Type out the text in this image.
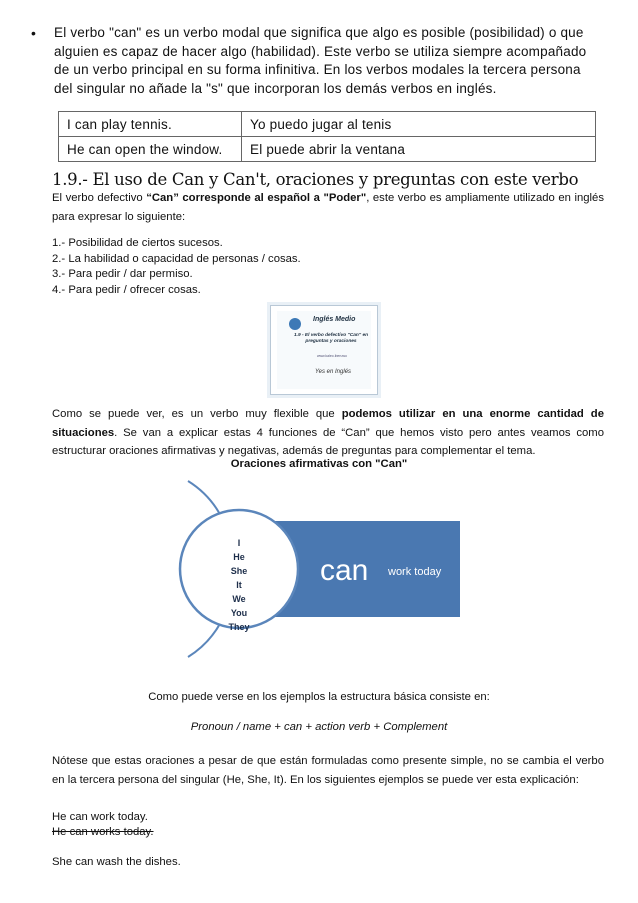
• El verbo "can" es un verbo modal que significa que algo es posible (posibilidad) o que alguien es capaz de hacer algo (habilidad). Este verbo se utiliza siempre acompañado de un verbo principal en su forma infinitiva. En los verbos modales la tercera persona del singular no añade la "s" que incorporan los demás verbos en inglés.
I can play tennis.	Yo puedo jugar al tenis
He can open the window.	El puede abrir la ventana
1.9.- El uso de Can y Can't, oraciones y preguntas con este verbo
El verbo defectivo “Can” corresponde al español a "Poder", este verbo es ampliamente utilizado en inglés para expresar lo siguiente:
1.- Posibilidad de ciertos sucesos.
2.- La habilidad o capacidad de personas / cosas.
3.- Para pedir / dar permiso.
4.- Para pedir / ofrecer cosas.
Inglés Medio
1.9 - El verbo defectivo "Can" en preguntas y oraciones
www.kaleo.iberuwo
Yes en Inglés
Como se puede ver, es un verbo muy flexible que podemos utilizar en una enorme cantidad de situaciones. Se van a explicar estas 4 funciones de “Can” que hemos visto pero antes veamos como estructurar oraciones afirmativas y negativas, además de preguntas para complementar el tema.
Oraciones afirmativas con "Can"
can work today
I
He
She
It
We
You
They
Como puede verse en los ejemplos la estructura básica consiste en:
Pronoun / name + can + action verb + Complement
Nótese que estas oraciones a pesar de que están formuladas como presente simple, no se cambia el verbo en la tercera persona del singular (He, She, It). En los siguientes ejemplos se puede ver esta explicación:
He can work today.
He can works today.
She can wash the dishes.
